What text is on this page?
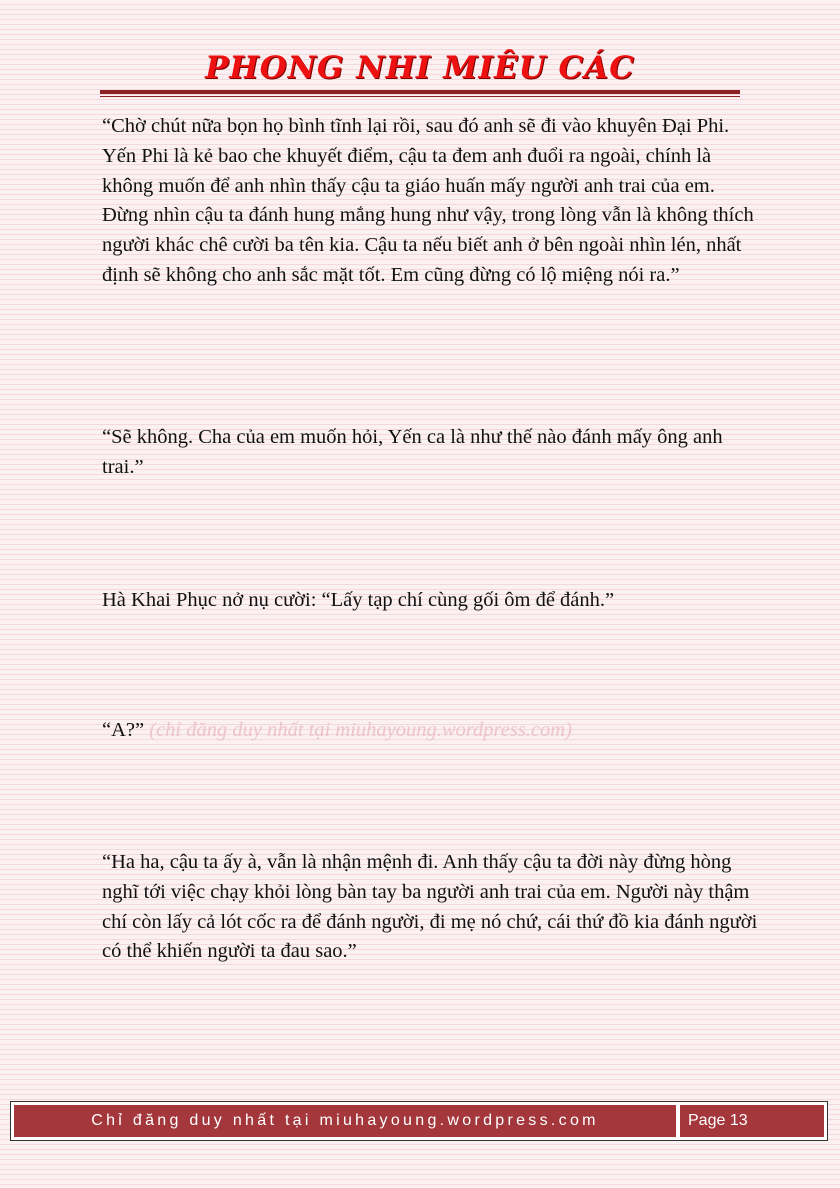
PHONG NHI MIÊU CÁC

“Chờ chút nữa bọn họ bình tĩnh lại rồi, sau đó anh sẽ đi vào khuyên Đại Phi. Yến Phi là kẻ bao che khuyết điểm, cậu ta đem anh đuổi ra ngoài, chính là không muốn để anh nhìn thấy cậu ta giáo huấn mấy người anh trai của em. Đừng nhìn cậu ta đánh hung mắng hung như vậy, trong lòng vẫn là không thích người khác chê cười ba tên kia. Cậu ta nếu biết anh ở bên ngoài nhìn lén, nhất định sẽ không cho anh sắc mặt tốt. Em cũng đừng có lộ miệng nói ra.”

“Sẽ không. Cha của em muốn hỏi, Yến ca là như thế nào đánh mấy ông anh trai.”

Hà Khai Phục nở nụ cười: “Lấy tạp chí cùng gối ôm để đánh.”

“A?” (chỉ đăng duy nhất tại miuhayoung.wordpress.com)

“Ha ha, cậu ta ấy à, vẫn là nhận mệnh đi. Anh thấy cậu ta đời này đừng hòng nghĩ tới việc chạy khỏi lòng bàn tay ba người anh trai của em. Người này thậm chí còn lấy cả lót cốc ra để đánh người, đi mẹ nó chứ, cái thứ đồ kia đánh người có thể khiến người ta đau sao.”

Chỉ đăng duy nhất tại miuhayoung.wordpress.com	Page 13
